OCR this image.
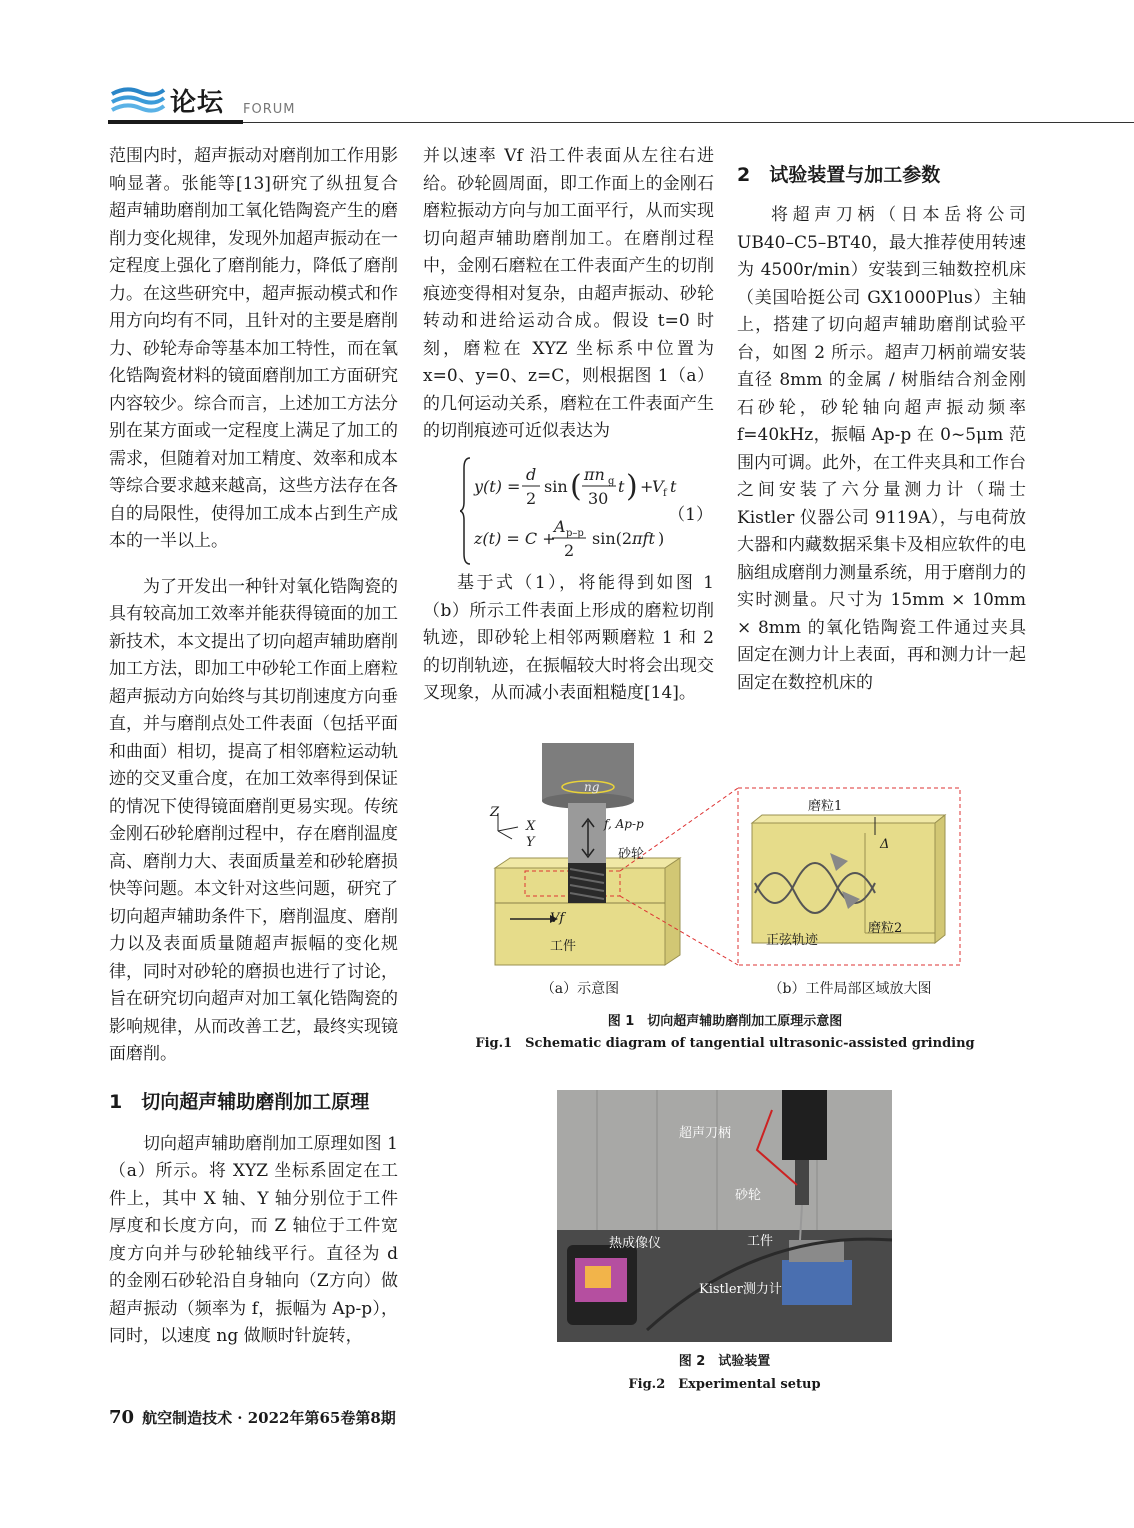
论坛 FORUM

范围内时，超声振动对磨削加工作用影响显著。张能等[13]研究了纵扭复合超声辅助磨削加工氧化锆陶瓷产生的磨削力变化规律，发现外加超声振动在一定程度上强化了磨削能力，降低了磨削力。在这些研究中，超声振动模式和作用方向均有不同，且针对的主要是磨削力、砂轮寿命等基本加工特性，而在氧化锆陶瓷材料的镜面磨削加工方面研究内容较少。综合而言，上述加工方法分别在某方面或一定程度上满足了加工的需求，但随着对加工精度、效率和成本等综合要求越来越高，这些方法存在各自的局限性，使得加工成本占到生产成本的一半以上。

为了开发出一种针对氧化锆陶瓷的具有较高加工效率并能获得镜面的加工新技术，本文提出了切向超声辅助磨削加工方法，即加工中砂轮工作面上磨粒超声振动方向始终与其切削速度方向垂直，并与磨削点处工件表面（包括平面和曲面）相切，提高了相邻磨粒运动轨迹的交叉重合度，在加工效率得到保证的情况下使得镜面磨削更易实现。传统金刚石砂轮磨削过程中，存在磨削温度高、磨削力大、表面质量差和砂轮磨损快等问题。本文针对这些问题，研究了切向超声辅助条件下，磨削温度、磨削力以及表面质量随超声振幅的变化规律，同时对砂轮的磨损也进行了讨论，旨在研究切向超声对加工氧化锆陶瓷的影响规律，从而改善工艺，最终实现镜面磨削。

1　切向超声辅助磨削加工原理

切向超声辅助磨削加工原理如图 1（a）所示。将 XYZ 坐标系固定在工件上，其中 X 轴、Y 轴分别位于工件厚度和长度方向，而 Z 轴位于工件宽度方向并与砂轮轴线平行。直径为 d 的金刚石砂轮沿自身轴向（Z方向）做超声振动（频率为 f，振幅为 Ap-p），同时，以速度 ng 做顺时针旋转，

并以速率 Vf 沿工件表面从左往右进给。砂轮圆周面，即工作面上的金刚石磨粒振动方向与加工面平行，从而实现切向超声辅助磨削加工。在磨削过程中，金刚石磨粒在工件表面产生的切削痕迹变得相对复杂，由超声振动、砂轮转动和进给运动合成。假设 t=0 时刻，磨粒在 XYZ 坐标系中位置为 x=0、y=0、z=C，则根据图 1（a）的几何运动关系，磨粒在工件表面产生的切削痕迹可近似表达为

y(t) =
d
2
sin ( πn g
30
t ) +
V f t
z(t) = C +
A p–p
2
sin(2 πft )
（1）

基于式（1），将能得到如图 1（b）所示工件表面上形成的磨粒切削轨迹，即砂轮上相邻两颗磨粒 1 和 2 的切削轨迹，在振幅较大时将会出现交叉现象，从而减小表面粗糙度[14]。

2　试验装置与加工参数

将超声刀柄（日本岳将公司 UB40–C5–BT40，最大推荐使用转速为 4500r/min）安装到三轴数控机床（美国哈挺公司 GX1000Plus）主轴上，搭建了切向超声辅助磨削试验平台，如图 2 所示。超声刀柄前端安装直径 8mm 的金属 / 树脂结合剂金刚石砂轮，砂轮轴向超声振动频率 f=40kHz，振幅 Ap-p 在 0~5μm 范围内可调。此外，在工件夹具和工作台之间安装了六分量测力计（瑞士 Kistler 仪器公司 9119A），与电荷放大器和内藏数据采集卡及相应软件的电脑组成磨削力测量系统，用于磨削力的实时测量。尺寸为 15mm × 10mm × 8mm 的氧化锆陶瓷工件通过夹具固定在测力计上表面，再和测力计一起固定在数控机床的

Z
X
Y
ng
f, Ap-p
砂轮
Vf
工件
磨粒1
Δ
磨粒2
正弦轨迹
（a）示意图	（b）工件局部区域放大图
图 1　切向超声辅助磨削加工原理示意图
Fig.1　Schematic diagram of tangential ultrasonic-assisted grinding
超声刀柄
砂轮
热成像仪	工件
Kistler测力计
图 2　试验装置
Fig.2　Experimental setup
70 航空制造技术 · 2022年第65卷第8期
